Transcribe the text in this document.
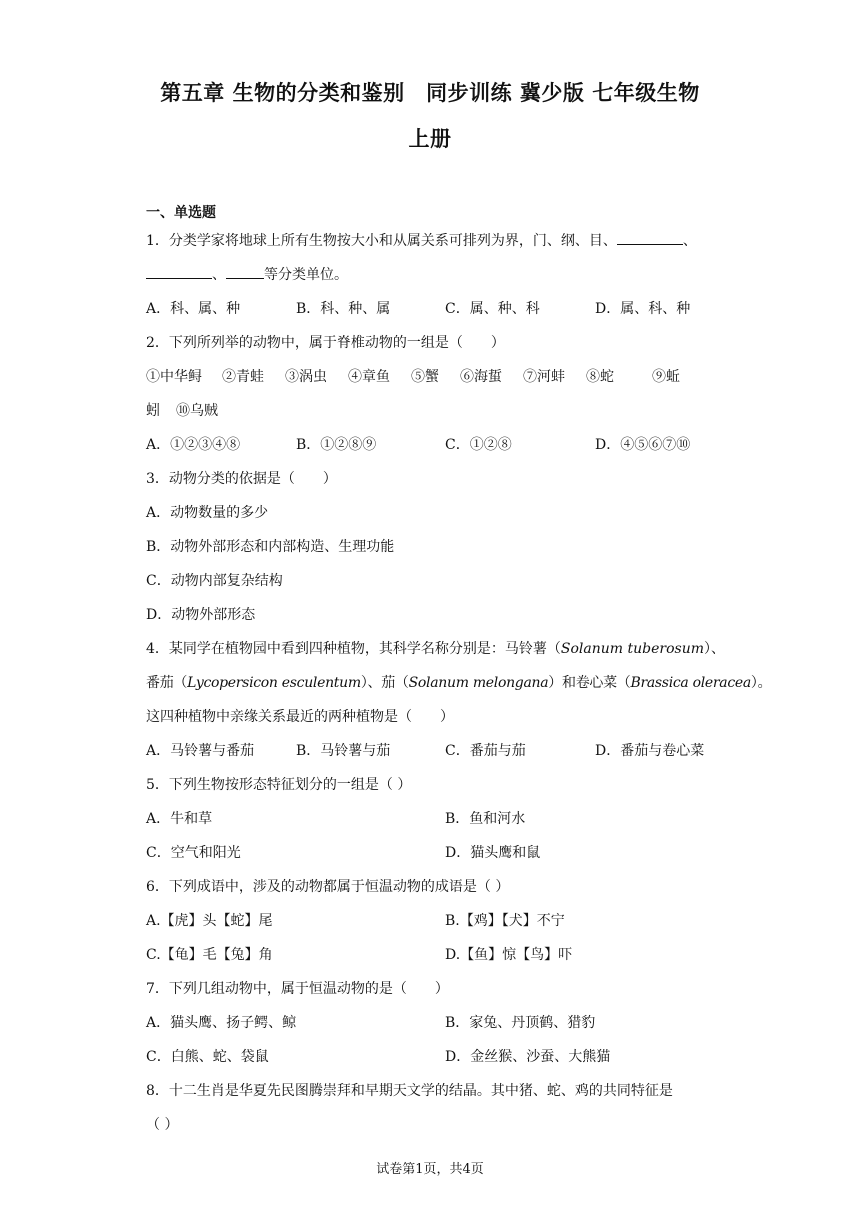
第五章 生物的分类和鉴别　同步训练 冀少版 七年级生物
上册
一、单选题
1．分类学家将地球上所有生物按大小和从属关系可排列为界，门、纲、目、	、
、	等分类单位。
A．科、属、种	B．科、种、属	C．属、种、科	D．属、科、种
2．下列所列举的动物中，属于脊椎动物的一组是（　　）
①中华鲟 ②青蛙 ③涡虫 ④章鱼 ⑤蟹 ⑥海蜇 ⑦河蚌 ⑧蛇	⑨蚯
蚓 ⑩乌贼
A．①②③④⑧	B．①②⑧⑨	C．①②⑧	D．④⑤⑥⑦⑩
3．动物分类的依据是（　　）
A．动物数量的多少
B．动物外部形态和内部构造、生理功能
C．动物内部复杂结构
D．动物外部形态
4．某同学在植物园中看到四种植物，其科学名称分别是：马铃薯（Solanum tuberosum）、
番茄（Lycopersicon esculentum）、茄（Solanum melongana）和卷心菜（Brassica oleracea）。
这四种植物中亲缘关系最近的两种植物是（　　）
A．马铃薯与番茄	B．马铃薯与茄	C．番茄与茄	D．番茄与卷心菜
5．下列生物按形态特征划分的一组是（ ）
A．牛和草	B．鱼和河水
C．空气和阳光	D．猫头鹰和鼠
6．下列成语中，涉及的动物都属于恒温动物的成语是（ ）
A.【虎】头【蛇】尾	B.【鸡】【犬】不宁
C.【龟】毛【兔】角	D.【鱼】惊【鸟】吓
7．下列几组动物中，属于恒温动物的是（　　）
A．猫头鹰、扬子鳄、鲸	B．家兔、丹顶鹤、猎豹
C．白熊、蛇、袋鼠	D．金丝猴、沙蚕、大熊猫
8．十二生肖是华夏先民图腾崇拜和早期天文学的结晶。其中猪、蛇、鸡的共同特征是
（ ）
试卷第1页，共4页
